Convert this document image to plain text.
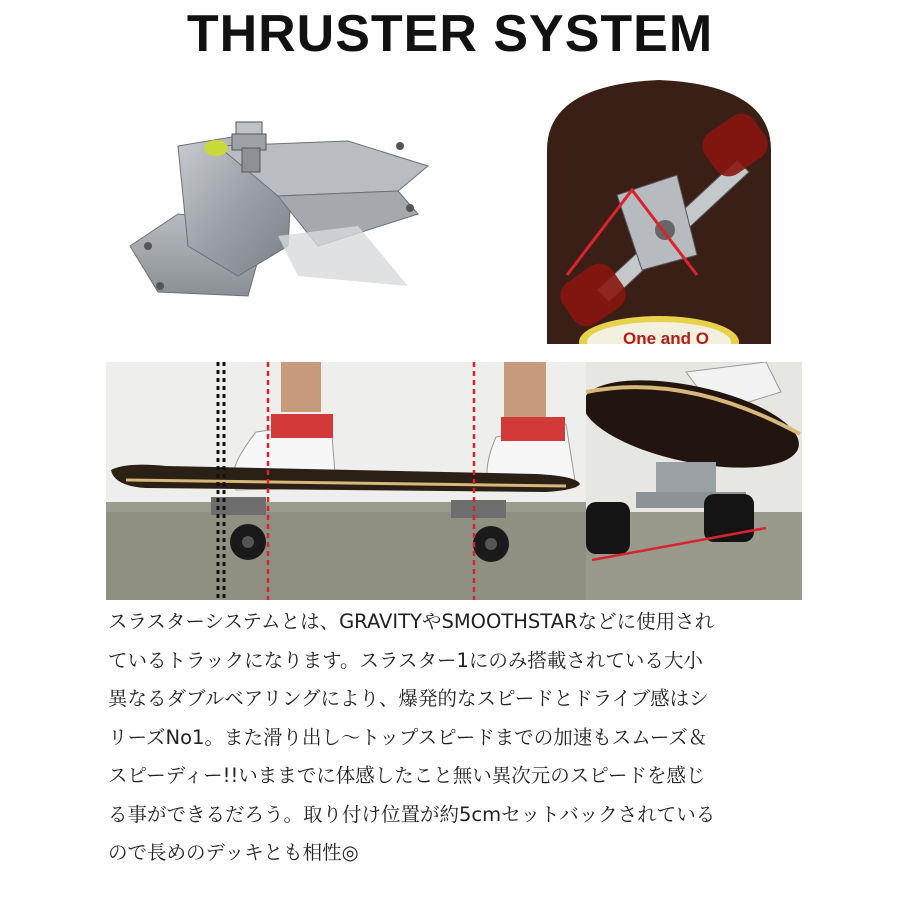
THRUSTER SYSTEM
One and O
スラスターシステムとは、GRAVITYやSMOOTHSTARなどに使用され
ているトラックになります。スラスター1にのみ搭載されている大小
異なるダブルベアリングにより、爆発的なスピードとドライブ感はシ
リーズNo1。また滑り出し〜トップスピードまでの加速もスムーズ＆
スピーディー!!いままでに体感したこと無い異次元のスピードを感じ
る事ができるだろう。取り付け位置が約5cmセットバックされている
ので長めのデッキとも相性◎
